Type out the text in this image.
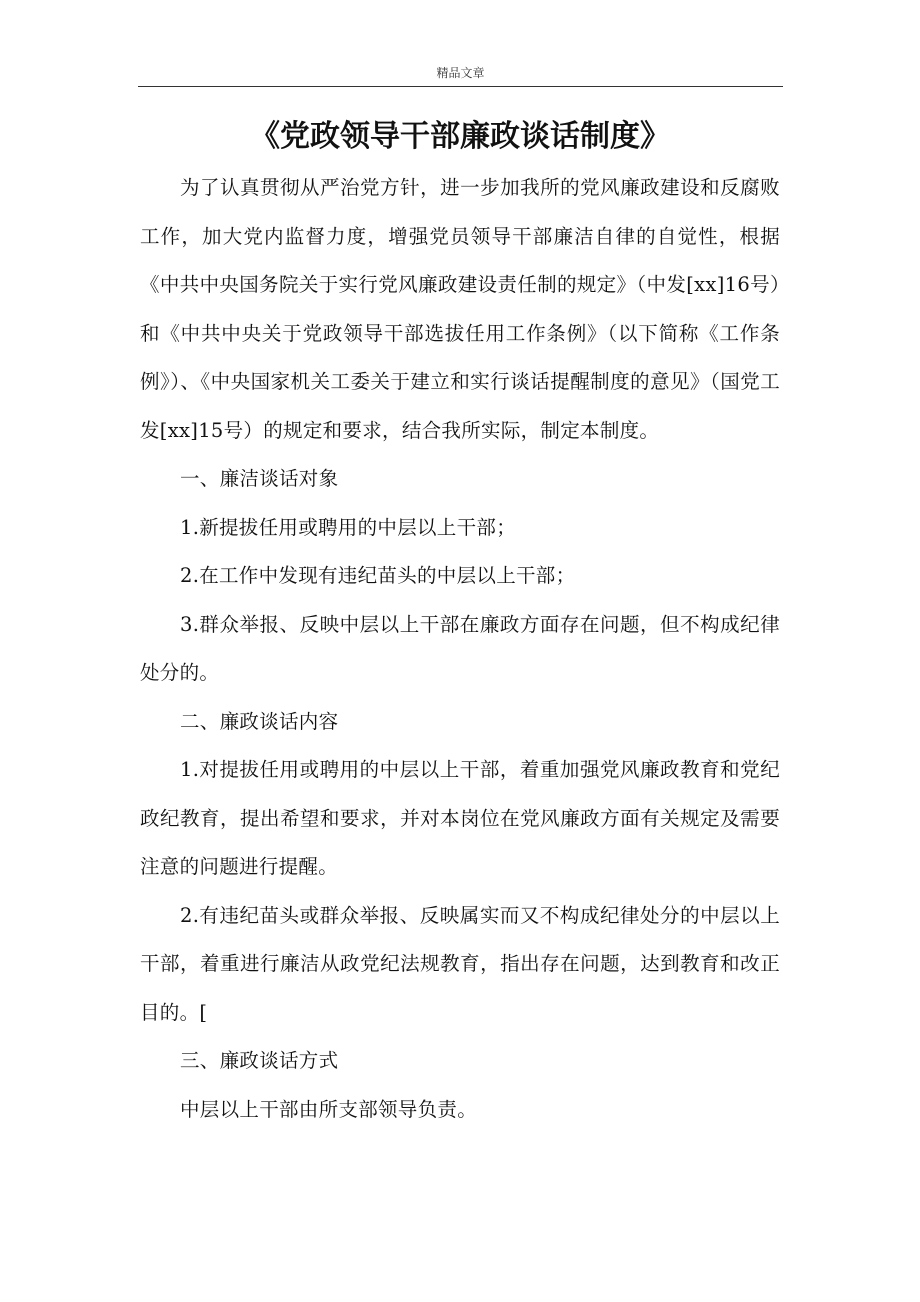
精品文章
《党政领导干部廉政谈话制度》

为了认真贯彻从严治党方针，进一步加我所的党风廉政建设和反腐败工作，加大党内监督力度，增强党员领导干部廉洁自律的自觉性，根据《中共中央国务院关于实行党风廉政建设责任制的规定》（中发[xx]16号）和《中共中央关于党政领导干部选拔任用工作条例》（以下简称《工作条例》）、《中央国家机关工委关于建立和实行谈话提醒制度的意见》（国党工发[xx]15号）的规定和要求，结合我所实际，制定本制度。

一、廉洁谈话对象

1.新提拔任用或聘用的中层以上干部；

2.在工作中发现有违纪苗头的中层以上干部；

3.群众举报、反映中层以上干部在廉政方面存在问题，但不构成纪律处分的。

二、廉政谈话内容

1.对提拔任用或聘用的中层以上干部，着重加强党风廉政教育和党纪政纪教育，提出希望和要求，并对本岗位在党风廉政方面有关规定及需要注意的问题进行提醒。

2.有违纪苗头或群众举报、反映属实而又不构成纪律处分的中层以上干部，着重进行廉洁从政党纪法规教育，指出存在问题，达到教育和改正目的。[

三、廉政谈话方式

中层以上干部由所支部领导负责。
